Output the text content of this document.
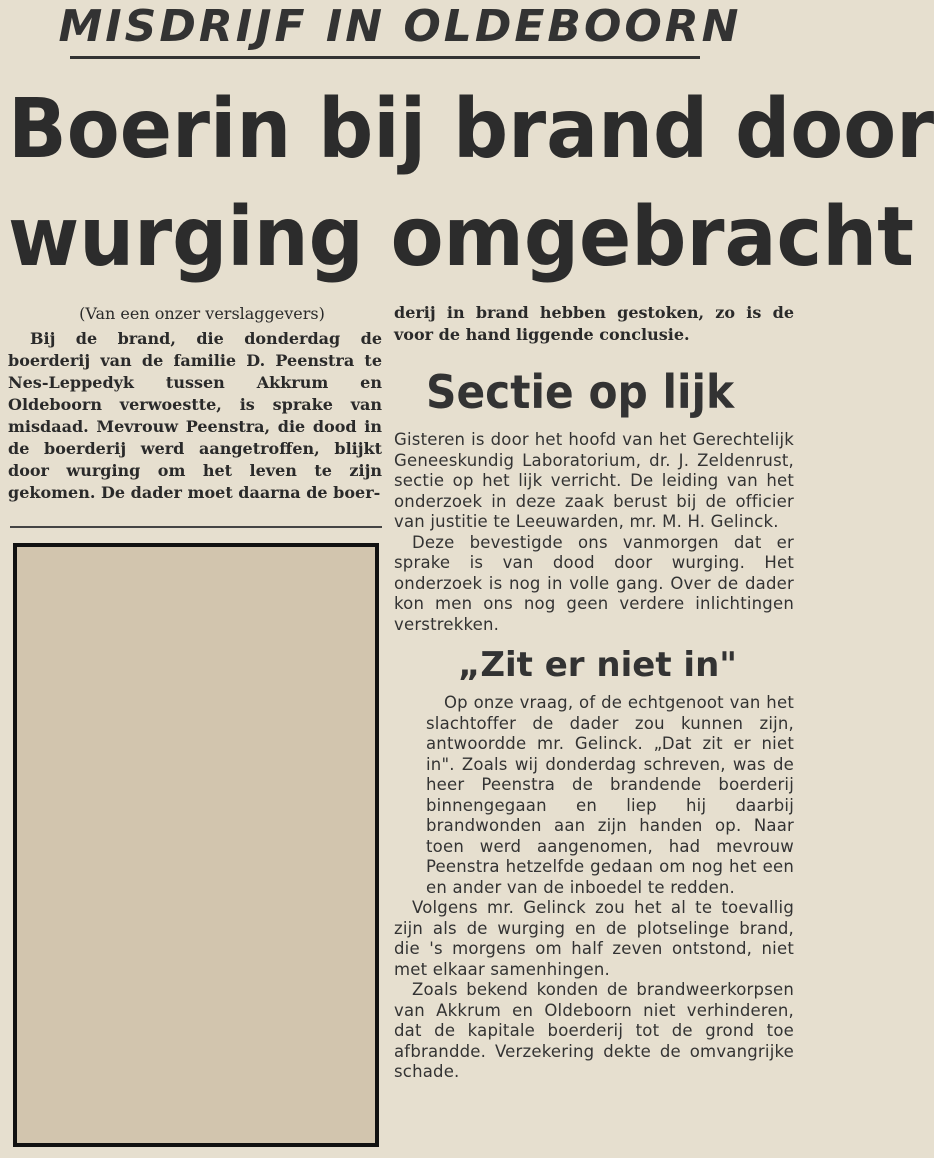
MISDRIJF IN OLDEBOORN
Boerin bij brand door
wurging omgebracht
(Van een onzer verslaggevers)

Bij de brand, die donderdag de boerderij van de familie D. Peenstra te Nes-Leppedyk tussen Akkrum en Oldeboorn verwoestte, is sprake van misdaad. Mevrouw Peenstra, die dood in de boerderij werd aangetroffen, blijkt door wurging om het leven te zijn gekomen. De dader moet daarna de boer-

derij in brand hebben gestoken, zo is de voor de hand liggende conclusie.

Sectie op lijk

Gisteren is door het hoofd van het Gerechtelijk Geneeskundig Laboratorium, dr. J. Zeldenrust, sectie op het lijk verricht. De leiding van het onderzoek in deze zaak berust bij de officier van justitie te Leeuwarden, mr. M. H. Gelinck.

Deze bevestigde ons vanmorgen dat er sprake is van dood door wurging. Het onderzoek is nog in volle gang. Over de dader kon men ons nog geen verdere inlichtingen verstrekken.

„Zit er niet in"

Op onze vraag, of de echtgenoot van het slachtoffer de dader zou kunnen zijn, antwoordde mr. Gelinck. „Dat zit er niet in". Zoals wij donderdag schreven, was de heer Peenstra de brandende boerderij binnengegaan en liep hij daarbij brandwonden aan zijn handen op. Naar toen werd aangenomen, had mevrouw Peenstra hetzelfde gedaan om nog het een en ander van de inboedel te redden.

Volgens mr. Gelinck zou het al te toevallig zijn als de wurging en de plotselinge brand, die 's morgens om half zeven ontstond, niet met elkaar samenhingen.

Zoals bekend konden de brandweerkorpsen van Akkrum en Oldeboorn niet verhinderen, dat de kapitale boerderij tot de grond toe afbrandde. Verzekering dekte de omvangrijke schade.
